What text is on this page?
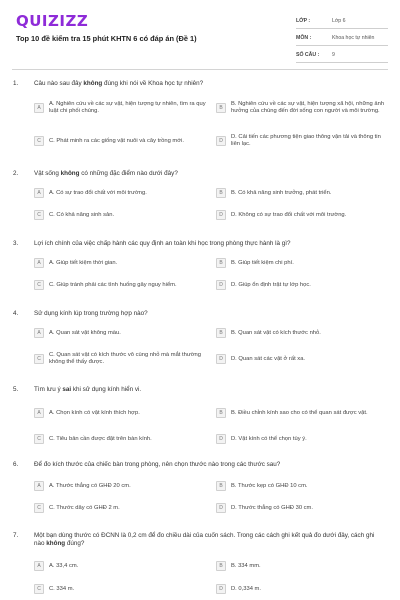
QUIZIZZ
Top 10 đề kiểm tra 15 phút KHTN 6 có đáp án (Đề 1)
LỚP :	Lớp 6
MÔN :	Khoa học tự nhiên
SỐ CÂU :	9
1. Câu nào sau đây không đúng khi nói về Khoa học tự nhiên?
A
A. Nghiên cứu về các sự vật, hiện tượng tự nhiên, tìm ra quy luật chi phối chúng.	B
B. Nghiên cứu về các sự vật, hiện tượng xã hội, những ảnh hưởng của chúng đến đời sống con người và môi trường.
C	C. Phát minh ra các giống vật nuôi và cây trồng mới.	D
D. Cải tiến các phương tiện giao thông vận tải và thông tin liên lạc.
2. Vật sống không có những đặc điểm nào dưới đây?
A	A. Có sự trao đổi chất với môi trường.	B	B. Có khả năng sinh trưởng, phát triển.
C	C. Có khả năng sinh sản.	D	D. Không có sự trao đổi chất với môi trường.
3. Lợi ích chính của việc chấp hành các quy định an toàn khi học trong phòng thực hành là gì?
A	A. Giúp tiết kiệm thời gian.	B	B. Giúp tiết kiệm chi phí.
C	C. Giúp tránh phải các tình huống gây nguy hiểm.	D	D. Giúp ổn định trật tự lớp học.
4. Sử dụng kính lúp trong trường hợp nào?
A	A. Quan sát vật không màu.	B	B. Quan sát vật có kích thước nhỏ.
C
C. Quan sát vật có kích thước vô cùng nhỏ mà mắt thường không thể thấy được.	D	D. Quan sát các vật ở rất xa.
5. Tìm lưu ý sai khi sử dụng kính hiển vi.
A	A. Chọn kính có vật kính thích hợp.	B	B. Điều chỉnh kính sao cho có thể quan sát được vật.
C	C. Tiêu bản cần được đặt trên bàn kính.	D	D. Vật kính có thể chọn tùy ý.
6. Để đo kích thước của chiếc bàn trong phòng, nên chọn thước nào trong các thước sau?
A	A. Thước thẳng có GHĐ 20 cm.	B	B. Thước kẹp có GHĐ 10 cm.
C	C. Thước dây có GHĐ 2 m.	D	D. Thước thẳng có GHĐ 30 cm.
7. Một bạn dùng thước có ĐCNN là 0,2 cm để đo chiều dài của cuốn sách. Trong các cách ghi kết quả đo dưới đây, cách ghi nào không đúng?
A	A. 33,4 cm.	B	B. 334 mm.
C	C. 334 m.	D	D. 0,334 m.
